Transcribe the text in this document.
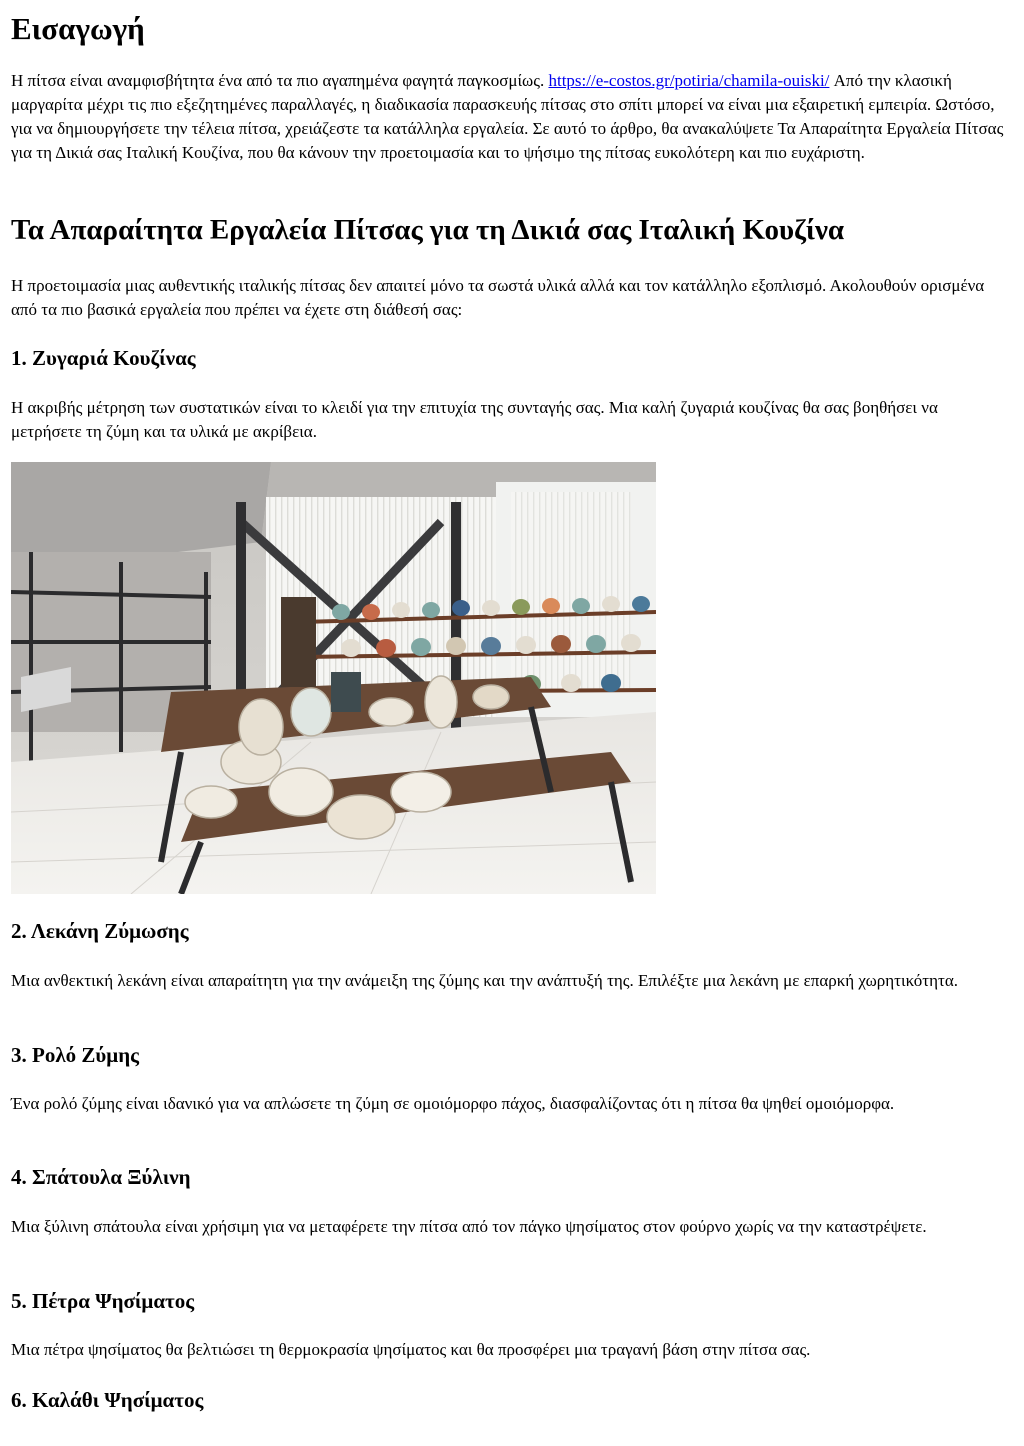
Εισαγωγή

Η πίτσα είναι αναμφισβήτητα ένα από τα πιο αγαπημένα φαγητά παγκοσμίως. https://e-costos.gr/potiria/chamila-ouiski/ Από την κλασική μαργαρίτα μέχρι τις πιο εξεζητημένες παραλλαγές, η διαδικασία παρασκευής πίτσας στο σπίτι μπορεί να είναι μια εξαιρετική εμπειρία. Ωστόσο, για να δημιουργήσετε την τέλεια πίτσα, χρειάζεστε τα κατάλληλα εργαλεία. Σε αυτό το άρθρο, θα ανακαλύψετε Τα Απαραίτητα Εργαλεία Πίτσας για τη Δικιά σας Ιταλική Κουζίνα, που θα κάνουν την προετοιμασία και το ψήσιμο της πίτσας ευκολότερη και πιο ευχάριστη.

Τα Απαραίτητα Εργαλεία Πίτσας για τη Δικιά σας Ιταλική Κουζίνα

Η προετοιμασία μιας αυθεντικής ιταλικής πίτσας δεν απαιτεί μόνο τα σωστά υλικά αλλά και τον κατάλληλο εξοπλισμό. Ακολουθούν ορισμένα από τα πιο βασικά εργαλεία που πρέπει να έχετε στη διάθεσή σας:

1. Ζυγαριά Κουζίνας

Η ακριβής μέτρηση των συστατικών είναι το κλειδί για την επιτυχία της συνταγής σας. Μια καλή ζυγαριά κουζίνας θα σας βοηθήσει να μετρήσετε τη ζύμη και τα υλικά με ακρίβεια.

2. Λεκάνη Ζύμωσης

Μια ανθεκτική λεκάνη είναι απαραίτητη για την ανάμειξη της ζύμης και την ανάπτυξή της. Επιλέξτε μια λεκάνη με επαρκή χωρητικότητα.

3. Ρολό Ζύμης

Ένα ρολό ζύμης είναι ιδανικό για να απλώσετε τη ζύμη σε ομοιόμορφο πάχος, διασφαλίζοντας ότι η πίτσα θα ψηθεί ομοιόμορφα.

4. Σπάτουλα Ξύλινη

Μια ξύλινη σπάτουλα είναι χρήσιμη για να μεταφέρετε την πίτσα από τον πάγκο ψησίματος στον φούρνο χωρίς να την καταστρέψετε.

5. Πέτρα Ψησίματος

Μια πέτρα ψησίματος θα βελτιώσει τη θερμοκρασία ψησίματος και θα προσφέρει μια τραγανή βάση στην πίτσα σας.

6. Καλάθι Ψησίματος
